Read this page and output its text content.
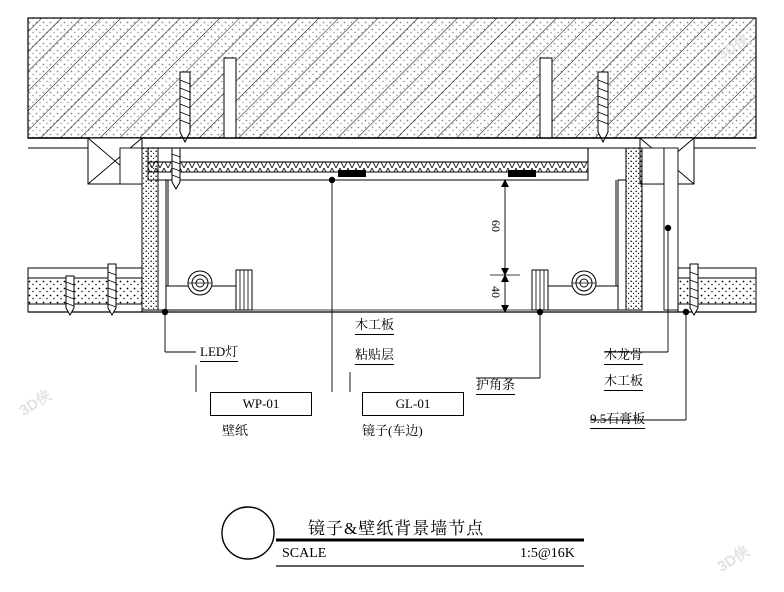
60
40
LED灯
木工板
粘贴层
护角条
木龙骨
木工板
9.5石膏板
WP-01	GL-01
壁纸	镜子(车边)
镜子&壁纸背景墙节点
SCALE	1:5@16K
3D侠
3D侠
3D侠
